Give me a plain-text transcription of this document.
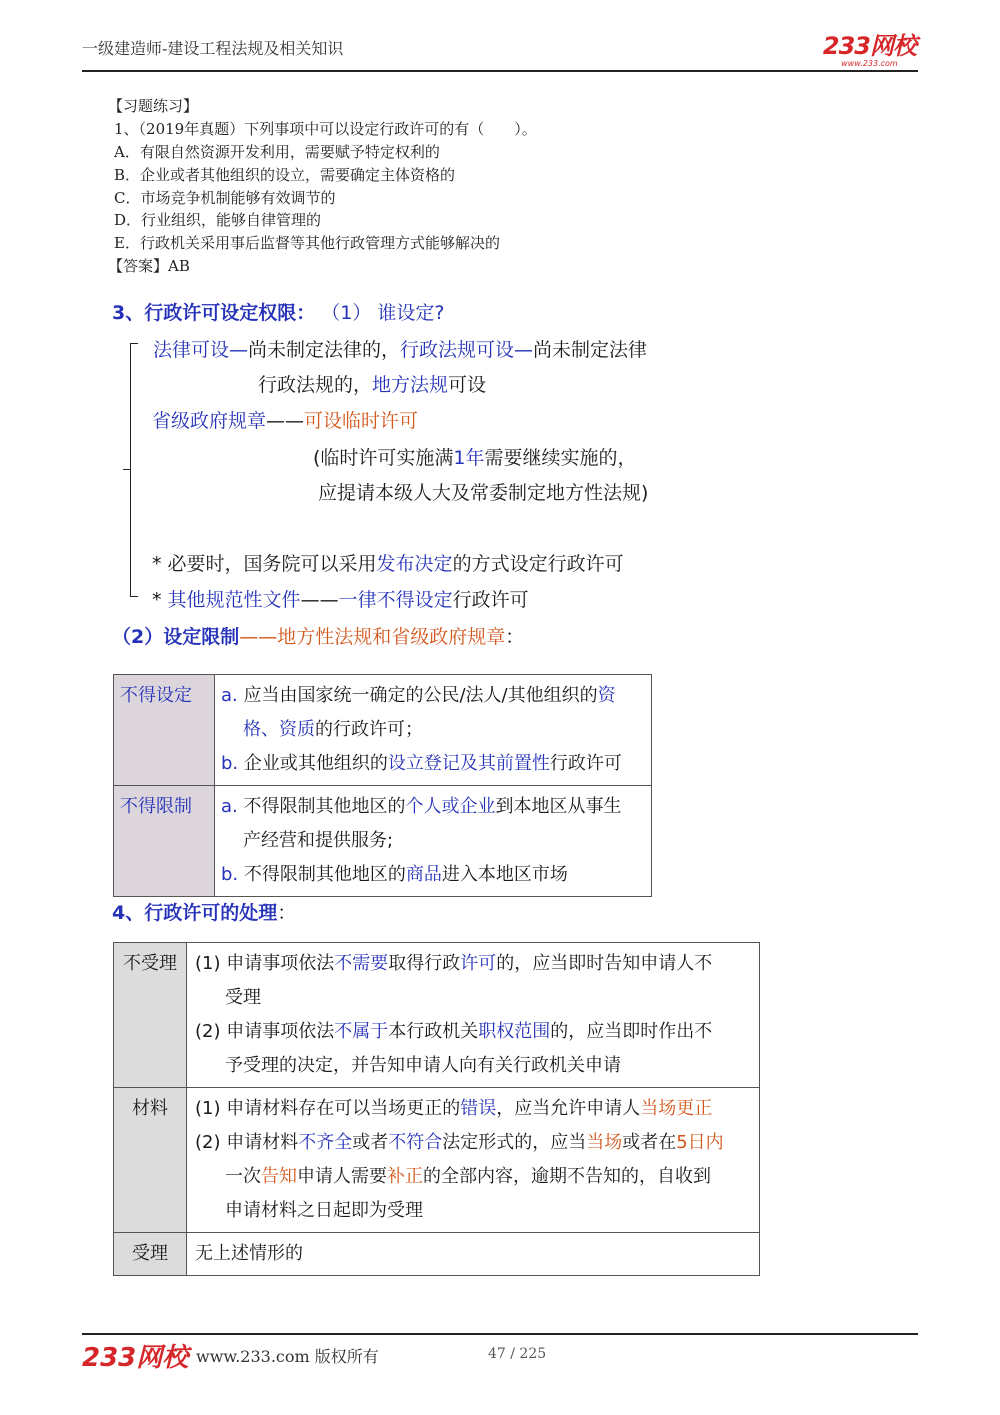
一级建造师-建设工程法规及相关知识	233网校
www.233.com
【习题练习】
1、（2019年真题）下列事项中可以设定行政许可的有（　　）。
A．有限自然资源开发利用，需要赋予特定权利的
B．企业或者其他组织的设立，需要确定主体资格的
C．市场竞争机制能够有效调节的
D．行业组织，能够自律管理的
E．行政机关采用事后监督等其他行政管理方式能够解决的
【答案】AB
3、行政许可设定权限： （1） 谁设定?
法律可设—尚未制定法律的，行政法规可设—尚未制定法律
行政法规的，地方法规可设
省级政府规章——可设临时许可
(临时许可实施满1年需要继续实施的，
应提请本级人大及常委制定地方性法规)
* 必要时，国务院可以采用发布决定的方式设定行政许可
* 其他规范性文件——一律不得设定行政许可
（2）设定限制——地方性法规和省级政府规章：
不得设定	a. 应当由国家统一确定的公民/法人/其他组织的资
格、资质的行政许可；
b. 企业或其他组织的设立登记及其前置性行政许可

不得限制	a. 不得限制其他地区的个人或企业到本地区从事生
产经营和提供服务;
b. 不得限制其他地区的商品进入本地区市场
4、行政许可的处理：
不受理	(1) 申请事项依法不需要取得行政许可的，应当即时告知申请人不
受理
(2) 申请事项依法不属于本行政机关职权范围的，应当即时作出不
予受理的决定，并告知申请人向有关行政机关申请

材料	(1) 申请材料存在可以当场更正的错误，应当允许申请人当场更正
(2) 申请材料不齐全或者不符合法定形式的，应当当场或者在5日内
一次告知申请人需要补正的全部内容，逾期不告知的，自收到
申请材料之日起即为受理

受理	无上述情形的
233网校 www.233.com 版权所有	47 / 225
